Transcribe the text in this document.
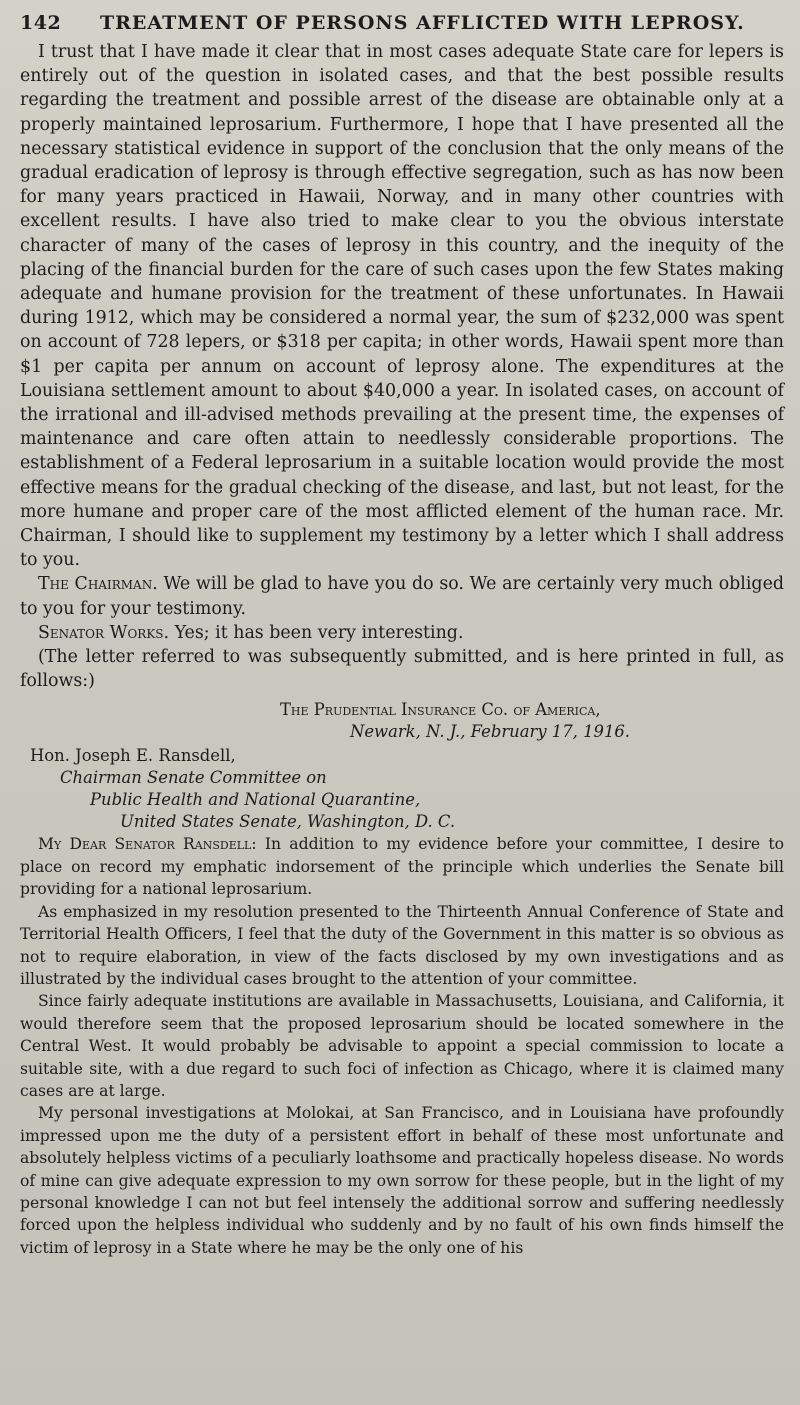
142	TREATMENT OF PERSONS AFFLICTED WITH LEPROSY.

I trust that I have made it clear that in most cases adequate State care for lepers is entirely out of the question in isolated cases, and that the best possible results regarding the treatment and possible arrest of the disease are obtainable only at a properly maintained leprosarium. Furthermore, I hope that I have presented all the necessary statistical evidence in support of the conclusion that the only means of the gradual eradication of leprosy is through effective segregation, such as has now been for many years practiced in Hawaii, Norway, and in many other countries with excellent results. I have also tried to make clear to you the obvious interstate character of many of the cases of leprosy in this country, and the inequity of the placing of the financial burden for the care of such cases upon the few States making adequate and humane provision for the treatment of these unfortunates. In Hawaii during 1912, which may be considered a normal year, the sum of $232,000 was spent on account of 728 lepers, or $318 per capita; in other words, Hawaii spent more than $1 per capita per annum on account of leprosy alone. The expenditures at the Louisiana settlement amount to about $40,000 a year. In isolated cases, on account of the irrational and ill-advised methods prevailing at the present time, the expenses of maintenance and care often attain to needlessly considerable proportions. The establishment of a Federal leprosarium in a suitable location would provide the most effective means for the gradual checking of the disease, and last, but not least, for the more humane and proper care of the most afflicted element of the human race. Mr. Chairman, I should like to supplement my testimony by a letter which I shall address to you.

The Chairman. We will be glad to have you do so. We are certainly very much obliged to you for your testimony.

Senator Works. Yes; it has been very interesting.

(The letter referred to was subsequently submitted, and is here printed in full, as follows:)

The Prudential Insurance Co. of America,
Newark, N. J., February 17, 1916.
Hon. Joseph E. Ransdell,
Chairman Senate Committee on
Public Health and National Quarantine,
United States Senate, Washington, D. C.

My Dear Senator Ransdell: In addition to my evidence before your committee, I desire to place on record my emphatic indorsement of the principle which underlies the Senate bill providing for a national leprosarium.

As emphasized in my resolution presented to the Thirteenth Annual Conference of State and Territorial Health Officers, I feel that the duty of the Government in this matter is so obvious as not to require elaboration, in view of the facts disclosed by my own investigations and as illustrated by the individual cases brought to the attention of your committee.

Since fairly adequate institutions are available in Massachusetts, Louisiana, and California, it would therefore seem that the proposed leprosarium should be located somewhere in the Central West. It would probably be advisable to appoint a special commission to locate a suitable site, with a due regard to such foci of infection as Chicago, where it is claimed many cases are at large.

My personal investigations at Molokai, at San Francisco, and in Louisiana have profoundly impressed upon me the duty of a persistent effort in behalf of these most unfortunate and absolutely helpless victims of a peculiarly loathsome and practically hopeless disease. No words of mine can give adequate expression to my own sorrow for these people, but in the light of my personal knowledge I can not but feel intensely the additional sorrow and suffering needlessly forced upon the helpless individual who suddenly and by no fault of his own finds himself the victim of leprosy in a State where he may be the only one of his
